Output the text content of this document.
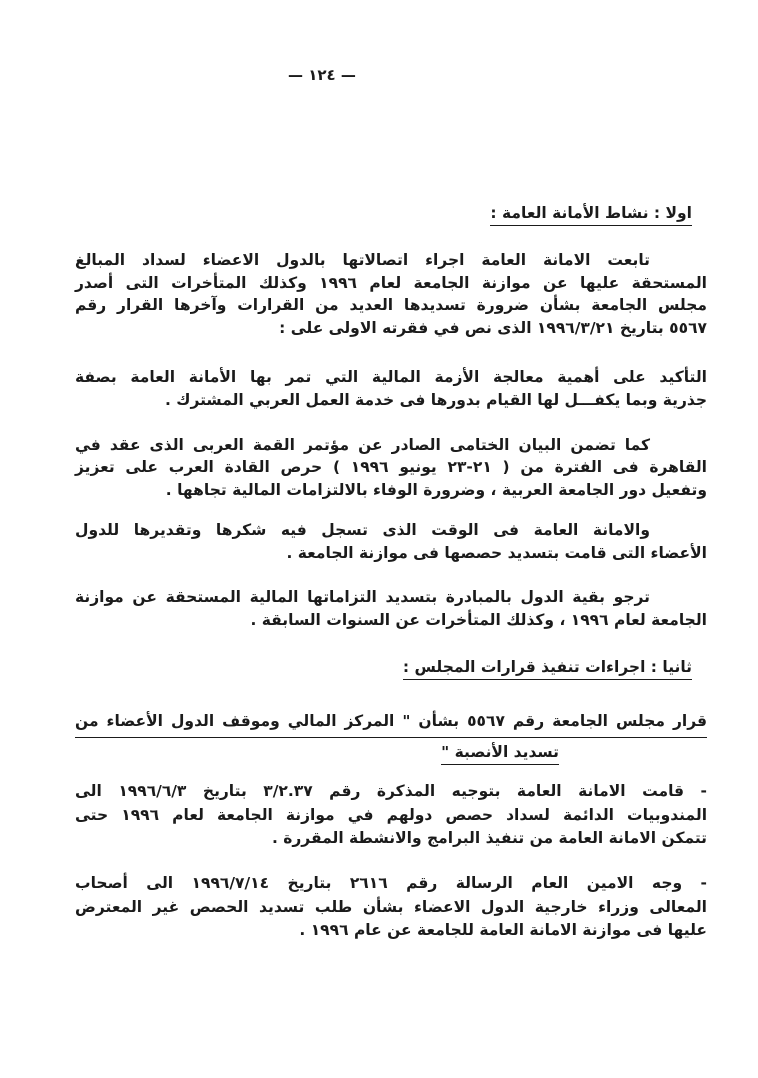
— ١٢٤ —
اولا : نشاط الأمانة العامة :
تابعت الامانة العامة اجراء اتصالاتها بالدول الاعضاء لسداد المبالغ
المستحقة عليها عن موازنة الجامعة لعام ١٩٩٦ وكذلك المتأخرات التى أصدر
مجلس الجامعة بشأن ضرورة تسديدها العديد من القرارات وآخرها القرار رقم
٥٥٦٧ بتاريخ ١٩٩٦/٣/٢١ الذى نص في فقرته الاولى على :
التأكيد على أهمية معالجة الأزمة المالية التي تمر بها الأمانة العامة بصفة
جذرية وبما يكفـــل لها القيام بدورها فى خدمة العمل العربي المشترك .
كما تضمن البيان الختامى الصادر عن مؤتمر القمة العربى الذى عقد في
القاهرة فى الفترة من ( ٢١-٢٣ يونيو ١٩٩٦ ) حرص القادة العرب على تعزيز
وتفعيل دور الجامعة العربية ، وضرورة الوفاء بالالتزامات المالية تجاهها .
والامانة العامة فى الوقت الذى تسجل فيه شكرها وتقديرها للدول
الأعضاء التى قامت بتسديد حصصها فى موازنة الجامعة .
ترجو بقية الدول بالمبادرة بتسديد التزاماتها المالية المستحقة عن موازنة
الجامعة لعام ١٩٩٦ ، وكذلك المتأخرات عن السنوات السابقة .
ثانيا : اجراءات تنفيذ قرارات المجلس :
قرار مجلس الجامعة رقم ٥٥٦٧ بشأن " المركز المالي وموقف الدول الأعضاء من
تسديد الأنصبة "
- قامت الامانة العامة بتوجيه المذكرة رقم ٣/٢.٣٧ بتاريخ ١٩٩٦/٦/٣ الى
المندوبيات الدائمة لسداد حصص دولهم في موازنة الجامعة لعام ١٩٩٦ حتى
تتمكن الامانة العامة من تنفيذ البرامج والانشطة المقررة .
- وجه الامين العام الرسالة رقم ٢٦١٦ بتاريخ ١٩٩٦/٧/١٤ الى أصحاب
المعالى وزراء خارجية الدول الاعضاء بشأن طلب تسديد الحصص غير المعترض
عليها فى موازنة الامانة العامة للجامعة عن عام ١٩٩٦ .
